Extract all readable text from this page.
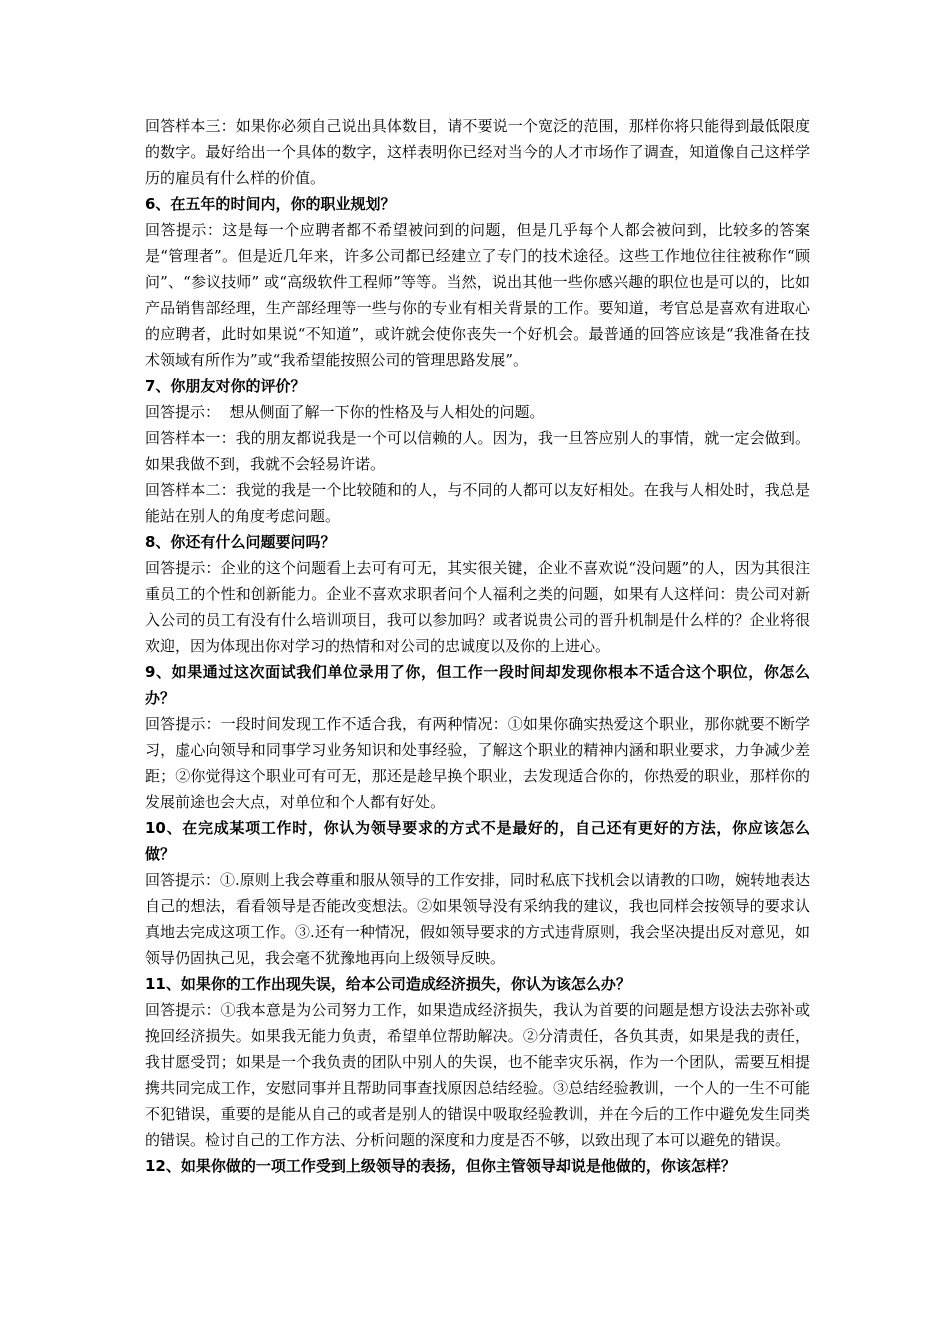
回答样本三：如果你必须自己说出具体数目，请不要说一个宽泛的范围，那样你将只能得到最低限度的数字。最好给出一个具体的数字，这样表明你已经对当今的人才市场作了调查，知道像自己这样学历的雇员有什么样的价值。

6、在五年的时间内，你的职业规划？

回答提示：这是每一个应聘者都不希望被问到的问题，但是几乎每个人都会被问到，比较多的答案是“管理者”。但是近几年来，许多公司都已经建立了专门的技术途径。这些工作地位往往被称作“顾问”、“参议技师” 或“高级软件工程师”等等。当然，说出其他一些你感兴趣的职位也是可以的，比如产品销售部经理，生产部经理等一些与你的专业有相关背景的工作。要知道，考官总是喜欢有进取心的应聘者，此时如果说“不知道”，或许就会使你丧失一个好机会。最普通的回答应该是“我准备在技术领域有所作为”或“我希望能按照公司的管理思路发展”。

7、你朋友对你的评价？

回答提示：  想从侧面了解一下你的性格及与人相处的问题。

回答样本一：我的朋友都说我是一个可以信赖的人。因为，我一旦答应别人的事情，就一定会做到。如果我做不到，我就不会轻易许诺。

回答样本二：我觉的我是一个比较随和的人，与不同的人都可以友好相处。在我与人相处时，我总是能站在别人的角度考虑问题。

8、你还有什么问题要问吗？

回答提示：企业的这个问题看上去可有可无，其实很关键，企业不喜欢说“没问题”的人，因为其很注重员工的个性和创新能力。企业不喜欢求职者问个人福利之类的问题，如果有人这样问：贵公司对新入公司的员工有没有什么培训项目，我可以参加吗？或者说贵公司的晋升机制是什么样的？企业将很欢迎，因为体现出你对学习的热情和对公司的忠诚度以及你的上进心。

9、如果通过这次面试我们单位录用了你，但工作一段时间却发现你根本不适合这个职位，你怎么办？

回答提示：一段时间发现工作不适合我，有两种情况：①如果你确实热爱这个职业，那你就要不断学习，虚心向领导和同事学习业务知识和处事经验，了解这个职业的精神内涵和职业要求，力争减少差距；②你觉得这个职业可有可无，那还是趁早换个职业，去发现适合你的，你热爱的职业，那样你的发展前途也会大点，对单位和个人都有好处。

10、在完成某项工作时，你认为领导要求的方式不是最好的，自己还有更好的方法，你应该怎么做？

回答提示：①.原则上我会尊重和服从领导的工作安排，同时私底下找机会以请教的口吻，婉转地表达自己的想法，看看领导是否能改变想法。②如果领导没有采纳我的建议，我也同样会按领导的要求认真地去完成这项工作。③.还有一种情况，假如领导要求的方式违背原则，我会坚决提出反对意见，如领导仍固执己见，我会毫不犹豫地再向上级领导反映。

11、如果你的工作出现失误，给本公司造成经济损失，你认为该怎么办？

回答提示：①我本意是为公司努力工作，如果造成经济损失，我认为首要的问题是想方设法去弥补或挽回经济损失。如果我无能力负责，希望单位帮助解决。②分清责任，各负其责，如果是我的责任，我甘愿受罚；如果是一个我负责的团队中别人的失误，也不能幸灾乐祸，作为一个团队，需要互相提携共同完成工作，安慰同事并且帮助同事查找原因总结经验。③总结经验教训，一个人的一生不可能不犯错误，重要的是能从自己的或者是别人的错误中吸取经验教训，并在今后的工作中避免发生同类的错误。检讨自己的工作方法、分析问题的深度和力度是否不够，以致出现了本可以避免的错误。

12、如果你做的一项工作受到上级领导的表扬，但你主管领导却说是他做的，你该怎样？
